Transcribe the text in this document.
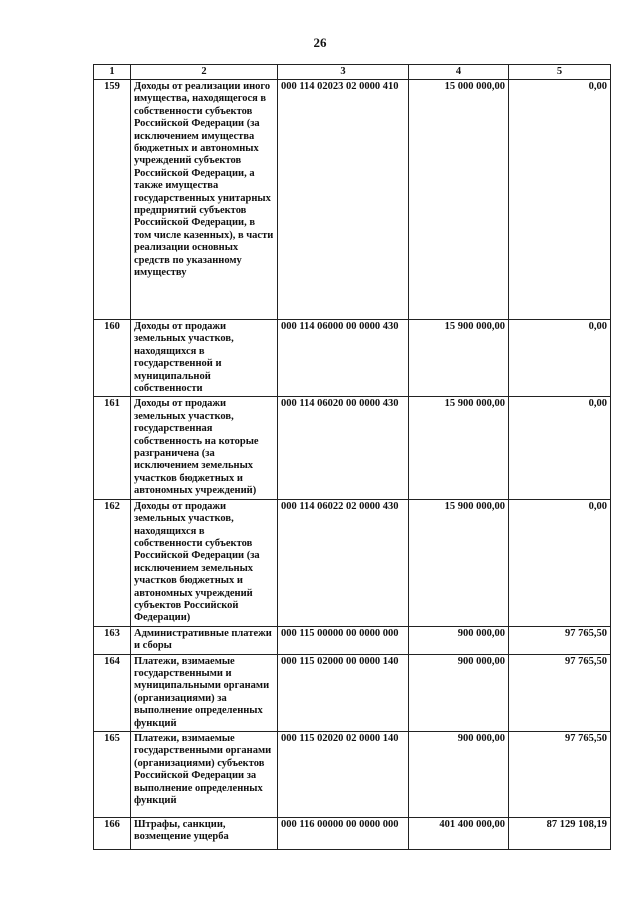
26
1	2	3	4	5
159	Доходы от реализации иного имущества, находящегося в собственности субъектов Российской Федерации (за исключением имущества бюджетных и автономных учреждений субъектов Российской Федерации, а также имущества государственных унитарных предприятий субъектов Российской Федерации, в том числе казенных), в части реализации основных средств по указанному имуществу	000 114 02023 02 0000 410	15 000 000,00	0,00
160	Доходы от продажи земельных участков, находящихся в государственной и муниципальной собственности	000 114 06000 00 0000 430	15 900 000,00	0,00
161	Доходы от продажи земельных участков, государственная собственность на которые разграничена (за исключением земельных участков бюджетных и автономных учреждений)	000 114 06020 00 0000 430	15 900 000,00	0,00
162	Доходы от продажи земельных участков, находящихся в собственности субъектов Российской Федерации (за исключением земельных участков бюджетных и автономных учреждений субъектов Российской Федерации)	000 114 06022 02 0000 430	15 900 000,00	0,00
163	Административные платежи и сборы	000 115 00000 00 0000 000	900 000,00	97 765,50
164	Платежи, взимаемые государственными и муниципальными органами (организациями) за выполнение определенных функций	000 115 02000 00 0000 140	900 000,00	97 765,50
165	Платежи, взимаемые государственными органами (организациями) субъектов Российской Федерации за выполнение определенных функций	000 115 02020 02 0000 140	900 000,00	97 765,50
166	Штрафы, санкции, возмещение ущерба	000 116 00000 00 0000 000	401 400 000,00	87 129 108,19
